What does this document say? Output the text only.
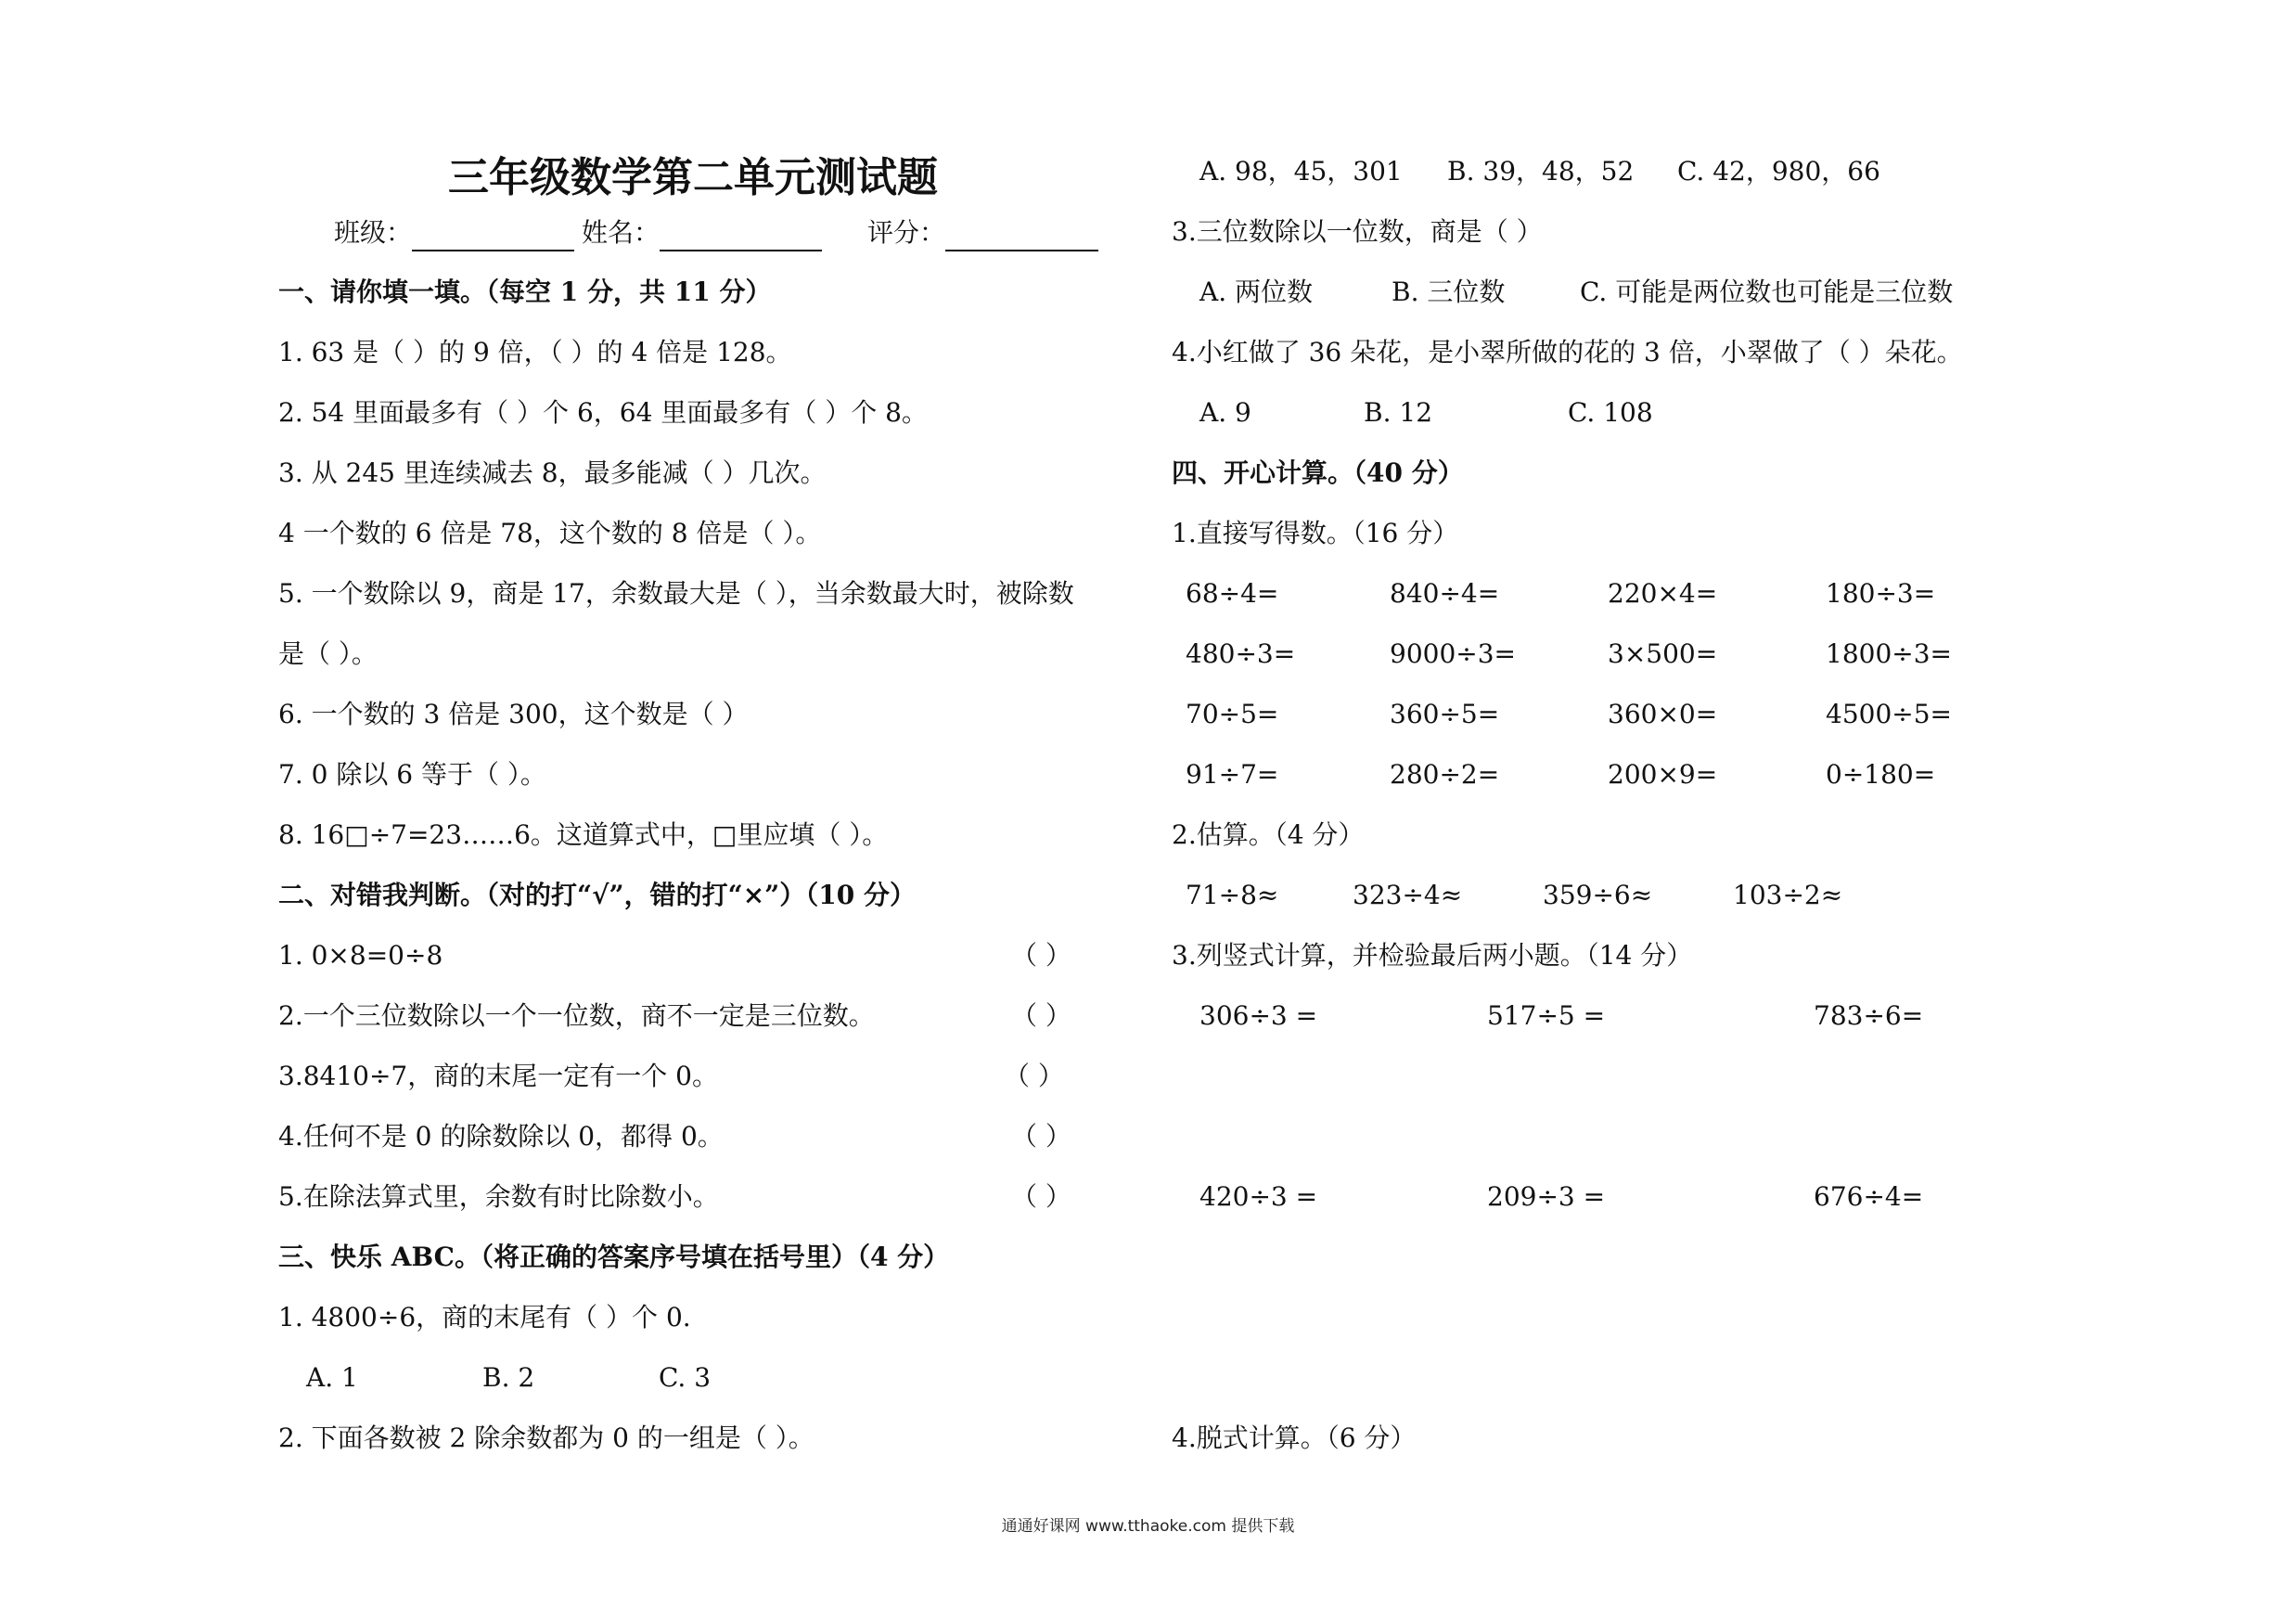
三年级数学第二单元测试题
班级：	姓名：	评分：
一、请你填一填。（每空 1 分，共 11 分）
1. 63 是（ ）的 9 倍，（ ）的 4 倍是 128。
2. 54 里面最多有（ ）个 6，64 里面最多有（ ）个 8。
3. 从 245 里连续减去 8，最多能减（ ）几次。
4 一个数的 6 倍是 78，这个数的 8 倍是（ ）。
5. 一个数除以 9，商是 17，余数最大是（ ），当余数最大时，被除数
是（ ）。
6. 一个数的 3 倍是 300，这个数是（ ）
7. 0 除以 6 等于（ ）。
8. 16□÷7=23……6。这道算式中，□里应填（ ）。
二、对错我判断。（对的打“√”，错的打“×”）（10 分）
1. 0×8=0÷8	（ ）
2.一个三位数除以一个一位数，商不一定是三位数。	（ ）
3.8410÷7，商的末尾一定有一个 0。	（ ）
4.任何不是 0 的除数除以 0，都得 0。	（ ）
5.在除法算式里，余数有时比除数小。	（ ）
三、快乐 ABC。（将正确的答案序号填在括号里）（4 分）
1. 4800÷6，商的末尾有（ ）个 0.
A. 1	B. 2	C. 3
2. 下面各数被 2 除余数都为 0 的一组是（ ）。
A. 98，45，301 B. 39，48，52 C. 42，980，66
3.三位数除以一位数，商是（ ）
A. 两位数	B. 三位数	C. 可能是两位数也可能是三位数
4.小红做了 36 朵花，是小翠所做的花的 3 倍，小翠做了（ ）朵花。
A. 9	B. 12	C. 108
四、开心计算。（40 分）
1.直接写得数。（16 分）
68÷4=	840÷4=	220×4=	180÷3=
480÷3=	9000÷3=	3×500=	1800÷3=
70÷5=	360÷5=	360×0=	4500÷5=
91÷7=	280÷2=	200×9=	0÷180=
2.估算。（4 分）
71÷8≈	323÷4≈	359÷6≈	103÷2≈
3.列竖式计算，并检验最后两小题。（14 分）
306÷3 =	517÷5 =	783÷6=
420÷3 =	209÷3 =	676÷4=
4.脱式计算。（6 分）
通通好课网 www.tthaoke.com 提供下载
